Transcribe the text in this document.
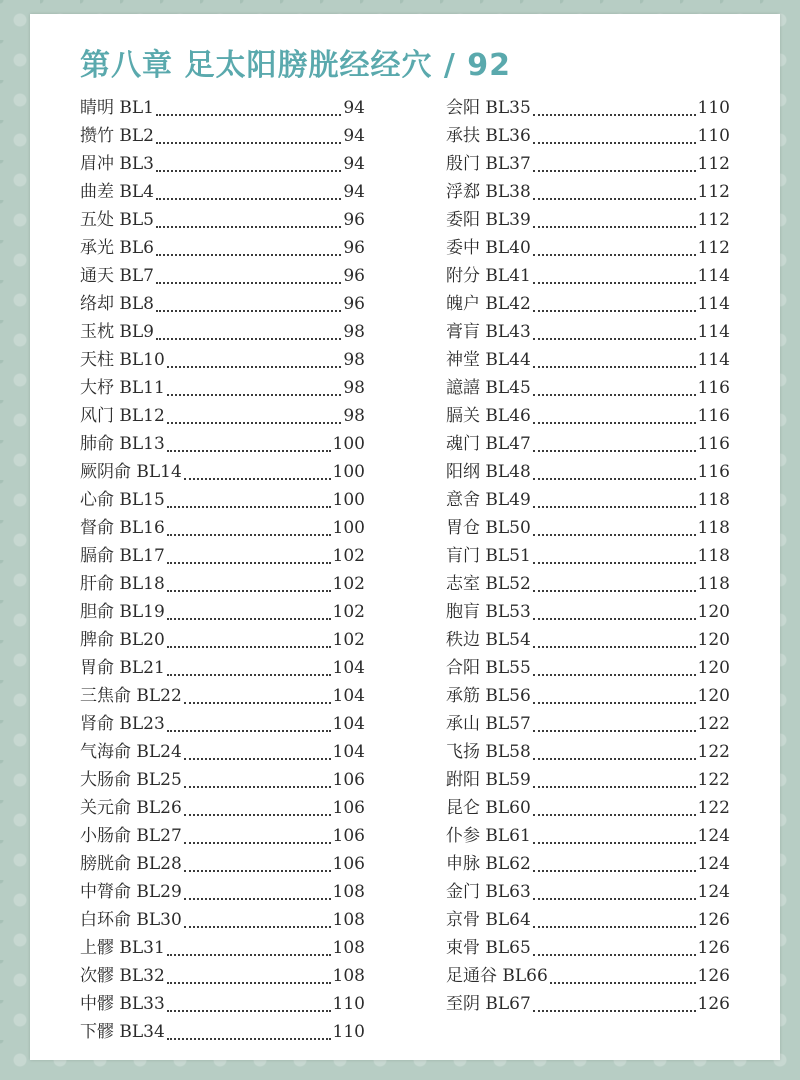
第八章 足太阳膀胱经经穴 / 92
睛明 BL1	94
攒竹 BL2	94
眉冲 BL3	94
曲差 BL4	94
五处 BL5	96
承光 BL6	96
通天 BL7	96
络却 BL8	96
玉枕 BL9	98
天柱 BL10	98
大杼 BL11	98
风门 BL12	98
肺俞 BL13	100
厥阴俞 BL14	100
心俞 BL15	100
督俞 BL16	100
膈俞 BL17	102
肝俞 BL18	102
胆俞 BL19	102
脾俞 BL20	102
胃俞 BL21	104
三焦俞 BL22	104
肾俞 BL23	104
气海俞 BL24	104
大肠俞 BL25	106
关元俞 BL26	106
小肠俞 BL27	106
膀胱俞 BL28	106
中膂俞 BL29	108
白环俞 BL30	108
上髎 BL31	108
次髎 BL32	108
中髎 BL33	110
下髎 BL34	110
会阳 BL35	110
承扶 BL36	110
殷门 BL37	112
浮郄 BL38	112
委阳 BL39	112
委中 BL40	112
附分 BL41	114
魄户 BL42	114
膏肓 BL43	114
神堂 BL44	114
譩譆 BL45	116
膈关 BL46	116
魂门 BL47	116
阳纲 BL48	116
意舍 BL49	118
胃仓 BL50	118
肓门 BL51	118
志室 BL52	118
胞肓 BL53	120
秩边 BL54	120
合阳 BL55	120
承筋 BL56	120
承山 BL57	122
飞扬 BL58	122
跗阳 BL59	122
昆仑 BL60	122
仆参 BL61	124
申脉 BL62	124
金门 BL63	124
京骨 BL64	126
束骨 BL65	126
足通谷 BL66	126
至阴 BL67	126
